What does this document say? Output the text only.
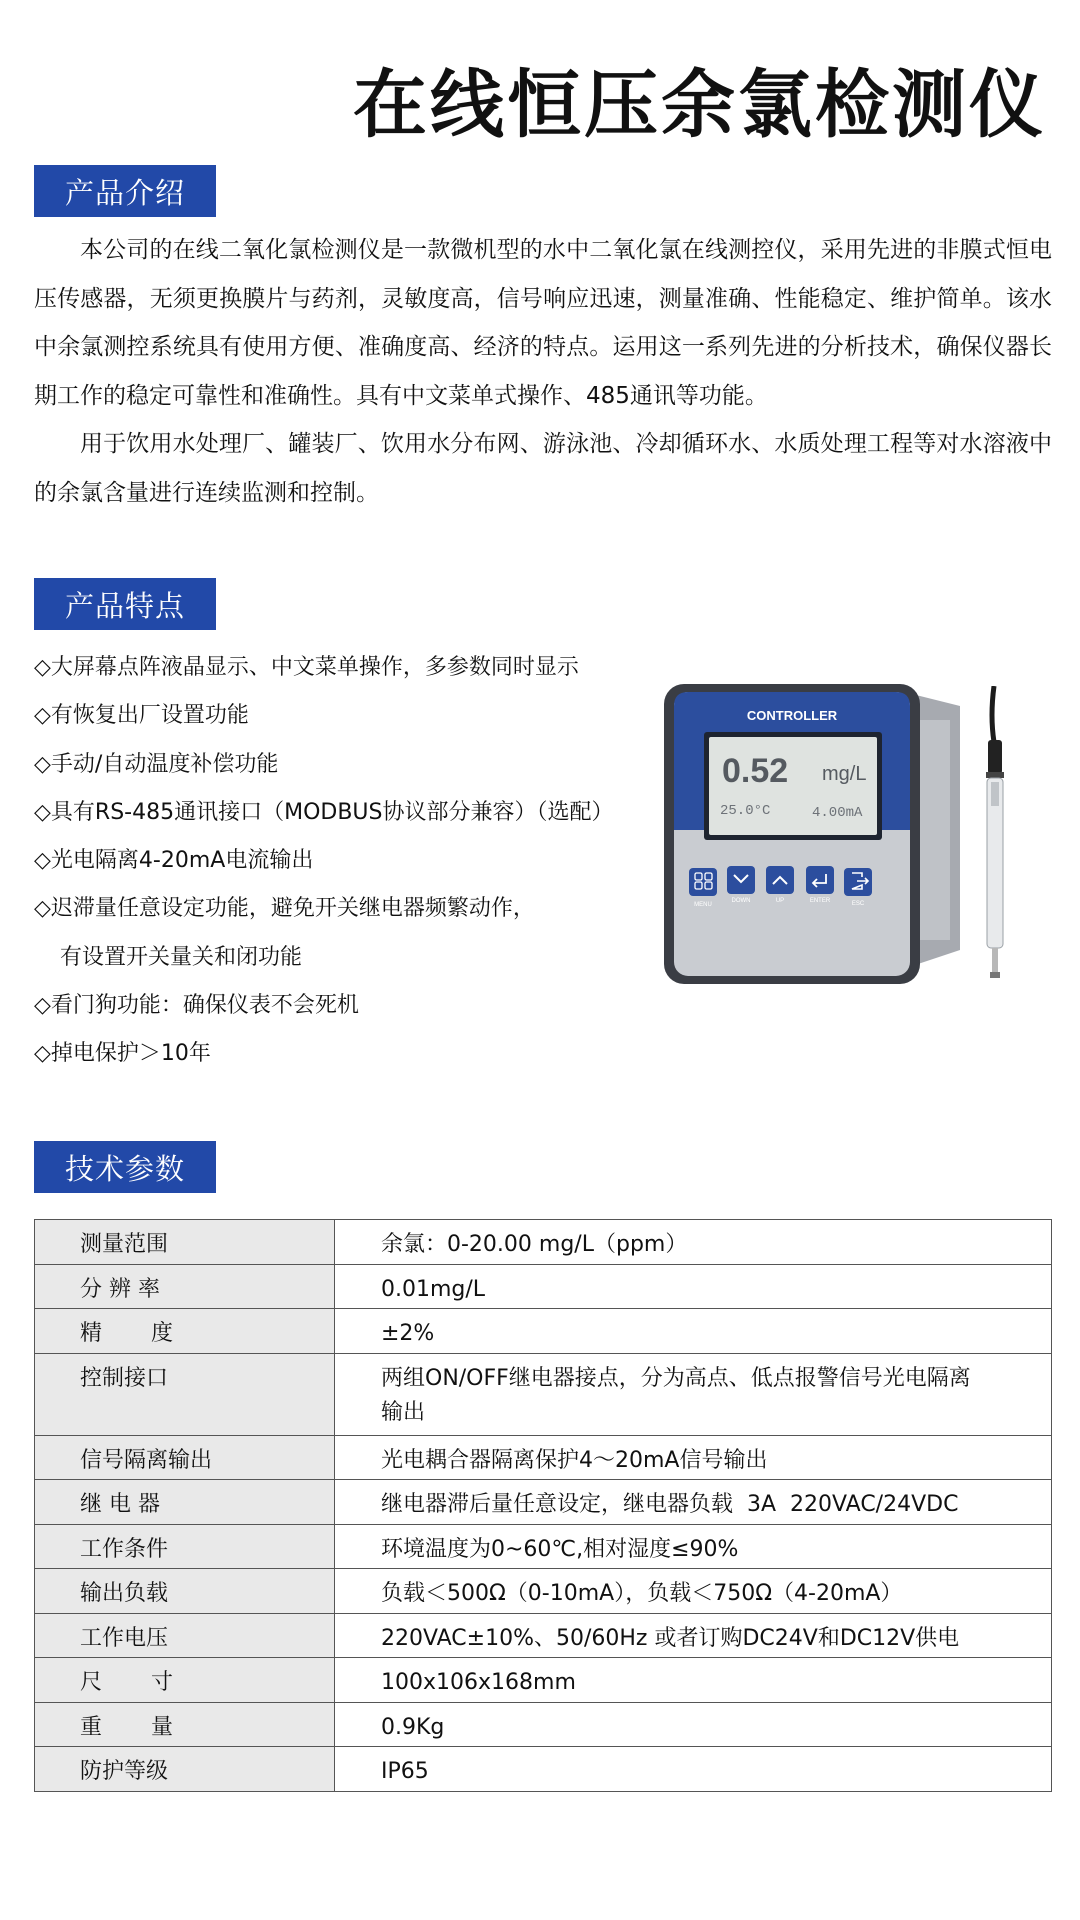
在线恒压余氯检测仪
产品介绍

本公司的在线二氧化氯检测仪是一款微机型的水中二氧化氯在线测控仪，采用先进的非膜式恒电压传感器，无须更换膜片与药剂，灵敏度高，信号响应迅速，测量准确、性能稳定、维护简单。该水中余氯测控系统具有使用方便、准确度高、经济的特点。运用这一系列先进的分析技术，确保仪器长期工作的稳定可靠性和准确性。具有中文菜单式操作、485通讯等功能。

用于饮用水处理厂、罐装厂、饮用水分布网、游泳池、冷却循环水、水质处理工程等对水溶液中的余氯含量进行连续监测和控制。

产品特点
◇大屏幕点阵液晶显示、中文菜单操作，多参数同时显示
◇有恢复出厂设置功能
◇手动/自动温度补偿功能
◇具有RS-485通讯接口（MODBUS协议部分兼容）（选配）
◇光电隔离4-20mA电流输出
◇迟滞量任意设定功能，避免开关继电器频繁动作，
有设置开关量关和闭功能
◇看门狗功能：确保仪表不会死机
◇掉电保护＞10年
CONTROLLER
0.52 mg/L
25.0°C	4.00mA
MENU
DOWN	UP	ENTER	ESC
技术参数
测量范围	余氯：0-20.00 mg/L（ppm）

分 辨 率	0.01mg/L

精       度	±2%

控制接口	两组ON/OFF继电器接点，分为高点、低点报警信号光电隔离输出

信号隔离输出	光电耦合器隔离保护4～20mA信号输出

继 电 器	继电器滞后量任意设定，继电器负载  3A  220VAC/24VDC

工作条件	环境温度为0~60℃,相对湿度≤90%

输出负载	负载＜500Ω（0-10mA），负载＜750Ω（4-20mA）

工作电压	220VAC±10%、50/60Hz 或者订购DC24V和DC12V供电

尺       寸	100x106x168mm

重       量	0.9Kg

防护等级	IP65
